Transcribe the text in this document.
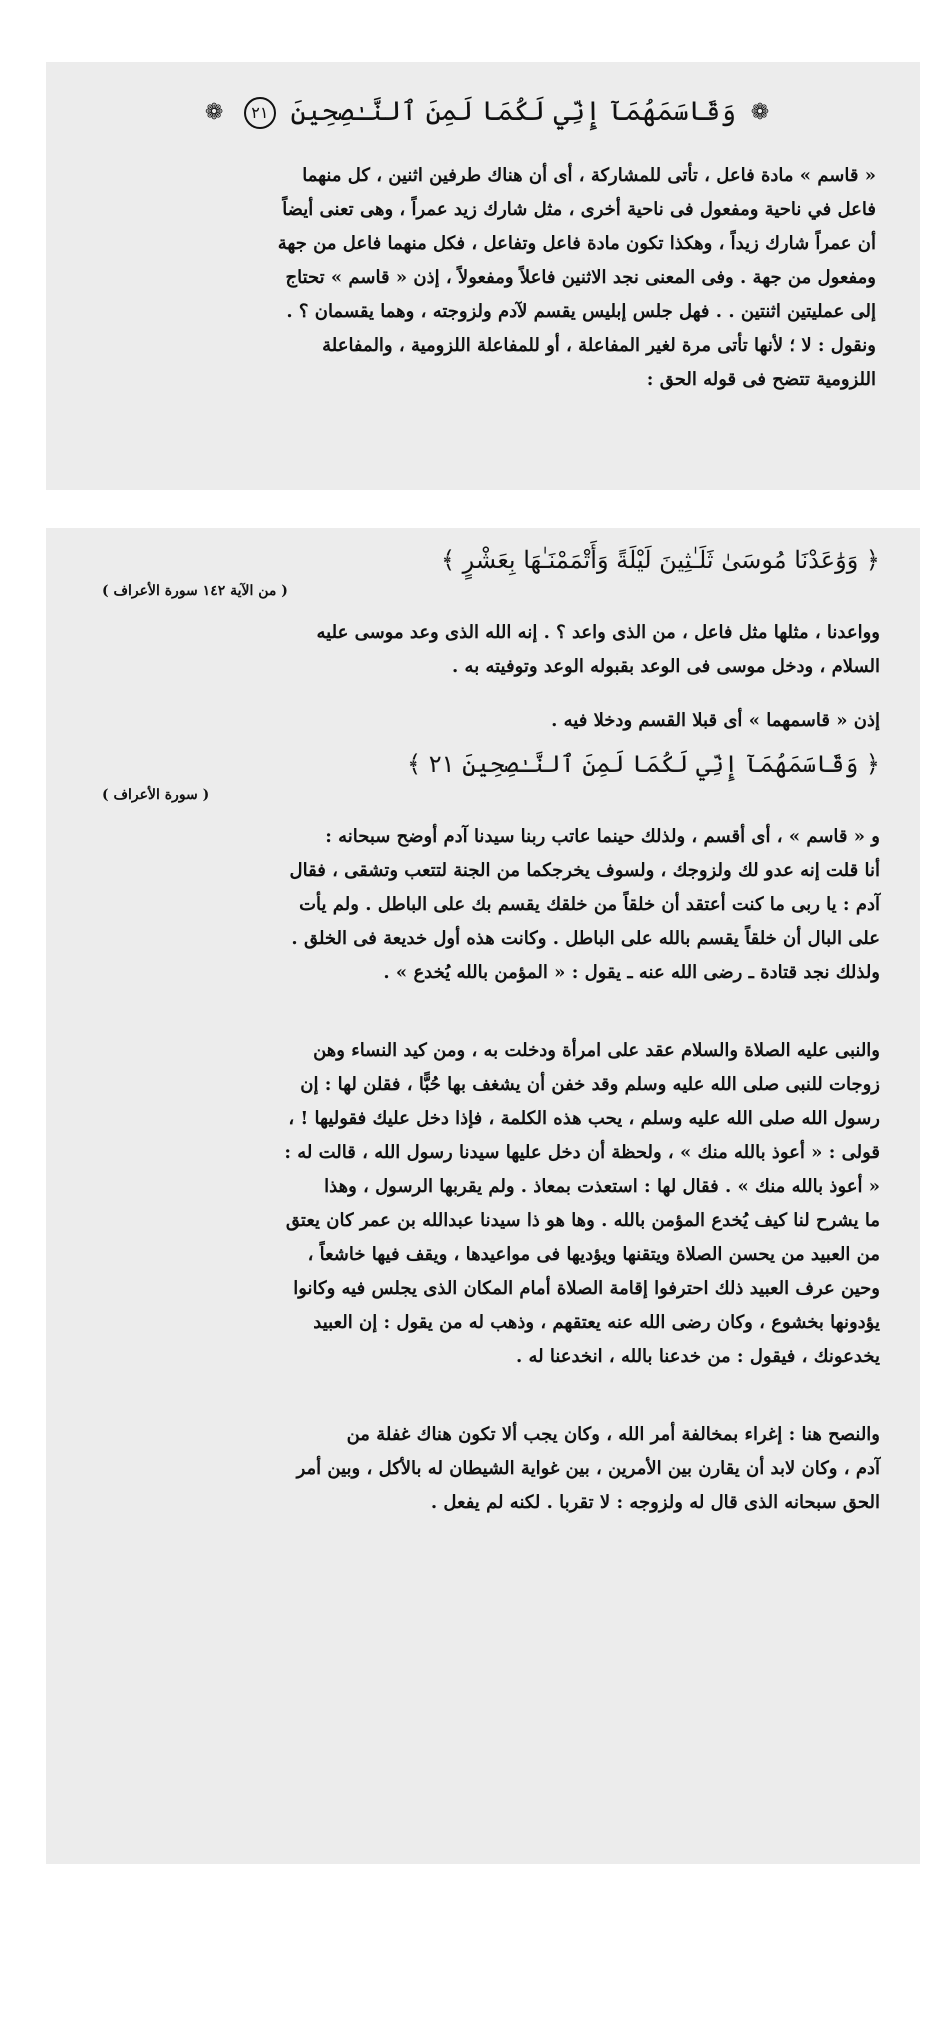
❁ وَقَاسَمَهُمَآ إِنِّي لَكُمَا لَمِنَ ٱلنَّـٰصِحِينَ ٢١ ❁

« قاسم » مادة فاعل ، تأتى للمشاركة ، أى أن هناك طرفين اثنين ، كل منهما

فاعل في ناحية ومفعول فى ناحية أخرى ، مثل شارك زيد عمراً ، وهى تعنى أيضاً

أن عمراً شارك زيداً ، وهكذا تكون مادة فاعل وتفاعل ، فكل منهما فاعل من جهة

ومفعول من جهة . وفى المعنى نجد الاثنين فاعلاً ومفعولاً ، إذن « قاسم » تحتاج

إلى عمليتين اثنتين . . فهل جلس إبليس يقسم لآدم ولزوجته ، وهما يقسمان ؟ .

ونقول : لا ؛ لأنها تأتى مرة لغير المفاعلة ، أو للمفاعلة اللزومية ، والمفاعلة

اللزومية تتضح فى قوله الحق :

﴿ وَوَٰعَدْنَا مُوسَىٰ ثَلَـٰثِينَ لَيْلَةً وَأَتْمَمْنَـٰهَا بِعَشْرٍ ﴾

( من الآية ١٤٢ سورة الأعراف )

وواعدنا ، مثلها مثل فاعل ، من الذى واعد ؟ . إنه الله الذى وعد موسى عليه

السلام ، ودخل موسى فى الوعد بقبوله الوعد وتوفيته به .

إذن « قاسمهما » أى قبلا القسم ودخلا فيه .

﴿ وَقَاسَمَهُمَآ إِنِّي لَكُمَا لَمِنَ ٱلنَّـٰصِحِينَ ٢١ ﴾

( سورة الأعراف )

و « قاسم » ، أى أقسم ، ولذلك حينما عاتب ربنا سيدنا آدم أوضح سبحانه :

أنا قلت إنه عدو لك ولزوجك ، ولسوف يخرجكما من الجنة لتتعب وتشقى ، فقال

آدم : يا ربى ما كنت أعتقد أن خلقاً من خلقك يقسم بك على الباطل . ولم يأت

على البال أن خلقاً يقسم بالله على الباطل . وكانت هذه أول خديعة فى الخلق .

ولذلك نجد قتادة ـ رضى الله عنه ـ يقول : « المؤمن بالله يُخدع » .

والنبى عليه الصلاة والسلام عقد على امرأة ودخلت به ، ومن كيد النساء وهن

زوجات للنبى صلى الله عليه وسلم وقد خفن أن يشغف بها حُبًّا ، فقلن لها : إن

رسول الله صلى الله عليه وسلم ، يحب هذه الكلمة ، فإذا دخل عليك فقوليها ! ،

قولى : « أعوذ بالله منك » ، ولحظة أن دخل عليها سيدنا رسول الله ، قالت له :

« أعوذ بالله منك » . فقال لها : استعذت بمعاذ . ولم يقربها الرسول ، وهذا

ما يشرح لنا كيف يُخدع المؤمن بالله . وها هو ذا سيدنا عبدالله بن عمر كان يعتق

من العبيد من يحسن الصلاة ويتقنها ويؤديها فى مواعيدها ، ويقف فيها خاشعاً ،

وحين عرف العبيد ذلك احترفوا إقامة الصلاة أمام المكان الذى يجلس فيه وكانوا

يؤدونها بخشوع ، وكان رضى الله عنه يعتقهم ، وذهب له من يقول : إن العبيد

يخدعونك ، فيقول : من خدعنا بالله ، انخدعنا له .

والنصح هنا : إغراء بمخالفة أمر الله ، وكان يجب ألا تكون هناك غفلة من

آدم ، وكان لابد أن يقارن بين الأمرين ، بين غواية الشيطان له بالأكل ، وبين أمر

الحق سبحانه الذى قال له ولزوجه : لا تقربا . لكنه لم يفعل .
